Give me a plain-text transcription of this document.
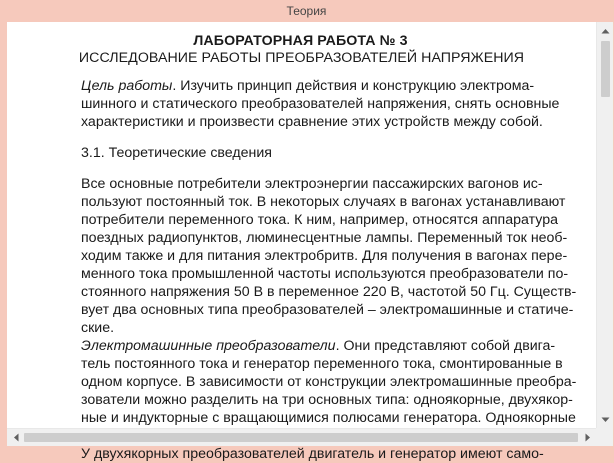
Теория
ЛАБОРАТОРНАЯ РАБОТА № 3
ИССЛЕДОВАНИЕ РАБОТЫ ПРЕОБРАЗОВАТЕЛЕЙ НАПРЯЖЕНИЯ
Цель работы. Изучить принцип действия и конструкцию электрома-
шинного и статического преобразователей напряжения, снять основные
характеристики и произвести сравнение этих устройств между собой.
3.1. Теоретические сведения
Все основные потребители электроэнергии пассажирских вагонов ис-
пользуют постоянный ток. В некоторых случаях в вагонах устанавливают
потребители переменного тока. К ним, например, относятся аппаратура
поездных радиопунктов, люминесцентные лампы. Переменный ток необ-
ходим также и для питания электробритв. Для получения в вагонах пере-
менного тока промышленной частоты используются преобразователи по-
стоянного напряжения 50 В в переменное 220 В, частотой 50 Гц. Существ-
вует два основных типа преобразователей – электромашинные и статиче-
ские.
Электромашинные преобразователи. Они представляют собой двига-
тель постоянного тока и генератор переменного тока, смонтированные в
одном корпусе. В зависимости от конструкции электромашинные преобра-
зователи можно разделить на три основных типа: одноякорные, двухякор-
ные и индукторные с вращающимися полюсами генератора. Одноякорные
У двухякорных преобразователей двигатель и генератор имеют само-
